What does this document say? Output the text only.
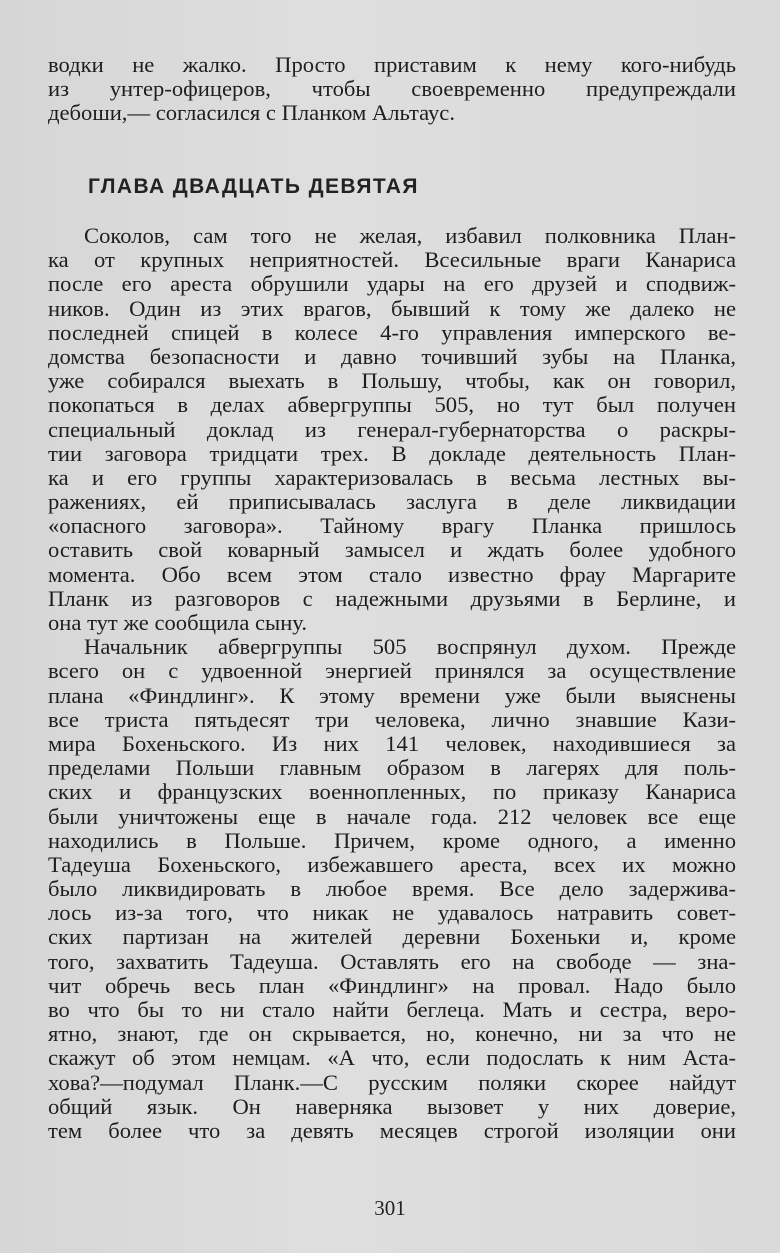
водки не жалко. Просто приставим к нему кого-нибудь
из унтер-офицеров, чтобы своевременно предупреждали
дебоши,— согласился с Планком Альтаус.
ГЛАВА ДВАДЦАТЬ ДЕВЯТАЯ
Соколов, сам того не желая, избавил полковника План-
ка от крупных неприятностей. Всесильные враги Канариса
после его ареста обрушили удары на его друзей и сподвиж-
ников. Один из этих врагов, бывший к тому же далеко не
последней спицей в колесе 4-го управления имперского ве-
домства безопасности и давно точивший зубы на Планка,
уже собирался выехать в Польшу, чтобы, как он говорил,
покопаться в делах абвергруппы 505, но тут был получен
специальный доклад из генерал-губернаторства о раскры-
тии заговора тридцати трех. В докладе деятельность План-
ка и его группы характеризовалась в весьма лестных вы-
ражениях, ей приписывалась заслуга в деле ликвидации
«опасного заговора». Тайному врагу Планка пришлось
оставить свой коварный замысел и ждать более удобного
момента. Обо всем этом стало известно фрау Маргарите
Планк из разговоров с надежными друзьями в Берлине, и
она тут же сообщила сыну.
Начальник абвергруппы 505 воспрянул духом. Прежде
всего он с удвоенной энергией принялся за осуществление
плана «Финдлинг». К этому времени уже были выяснены
все триста пятьдесят три человека, лично знавшие Кази-
мира Бохеньского. Из них 141 человек, находившиеся за
пределами Польши главным образом в лагерях для поль-
ских и французских военнопленных, по приказу Канариса
были уничтожены еще в начале года. 212 человек все еще
находились в Польше. Причем, кроме одного, а именно
Тадеуша Бохеньского, избежавшего ареста, всех их можно
было ликвидировать в любое время. Все дело задержива-
лось из-за того, что никак не удавалось натравить совет-
ских партизан на жителей деревни Бохеньки и, кроме
того, захватить Тадеуша. Оставлять его на свободе — зна-
чит обречь весь план «Финдлинг» на провал. Надо было
во что бы то ни стало найти беглеца. Мать и сестра, веро-
ятно, знают, где он скрывается, но, конечно, ни за что не
скажут об этом немцам. «А что, если подослать к ним Аста-
хова?—подумал Планк.—С русским поляки скорее найдут
общий язык. Он наверняка вызовет у них доверие,
тем более что за девять месяцев строгой изоляции они
301
